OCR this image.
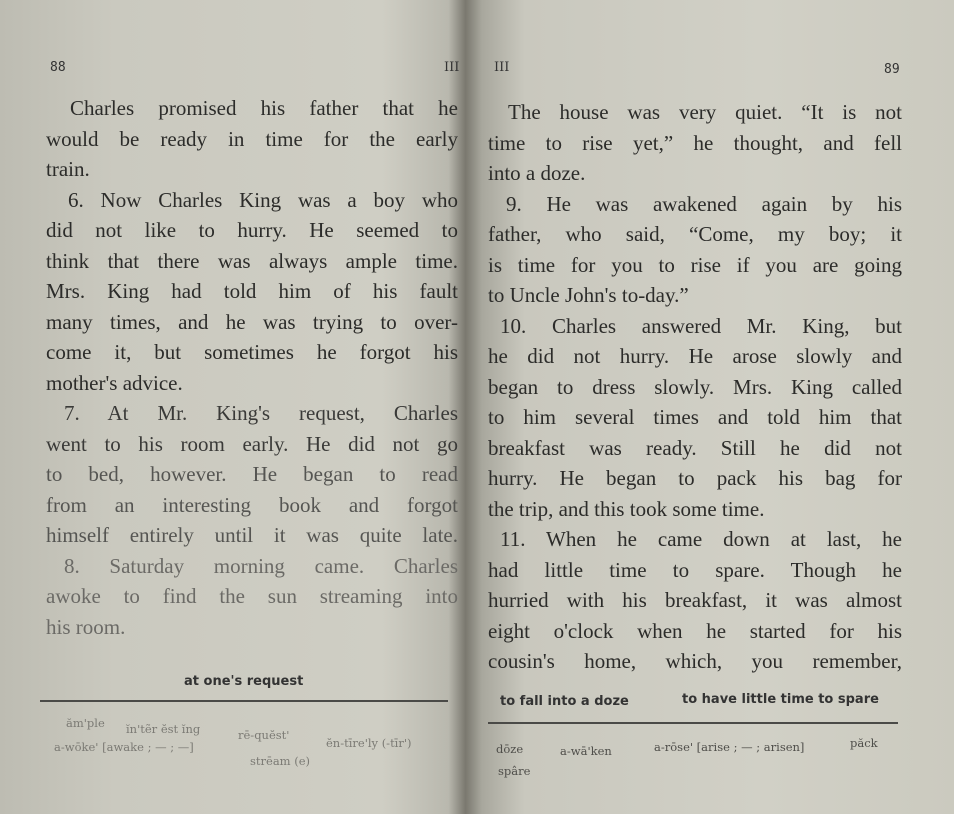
88	III
Charles promised his father that he
would be ready in time for the early
train.
6. Now Charles King was a boy who
did not like to hurry. He seemed to
think that there was always ample time.
Mrs. King had told him of his fault
many times, and he was trying to over-
come it, but sometimes he forgot his
mother's advice.
7. At Mr. King's request, Charles
went to his room early. He did not go
to bed, however. He began to read
from an interesting book and forgot
himself entirely until it was quite late.
8. Saturday morning came. Charles
awoke to find the sun streaming into
his room.
at one's request
ăm'ple ĭn'tẽr ĕst ĭng	rē-quĕst'
ĕn-tīre'ly (-tīr')
a-wōke' [awake ; — ; —]
strēam (e)
III	89
The house was very quiet. “It is not
time to rise yet,” he thought, and fell
into a doze.
9. He was awakened again by his
father, who said, “Come, my boy; it
is time for you to rise if you are going
to Uncle John's to-day.”
10. Charles answered Mr. King, but
he did not hurry. He arose slowly and
began to dress slowly. Mrs. King called
to him several times and told him that
breakfast was ready. Still he did not
hurry. He began to pack his bag for
the trip, and this took some time.
11. When he came down at last, he
had little time to spare. Though he
hurried with his breakfast, it was almost
eight o'clock when he started for his
cousin's home, which, you remember,
to fall into a doze	to have little time to spare
dōze	a-wā'ken	a-rōse' [arise ; — ; arisen]	păck
spâre
